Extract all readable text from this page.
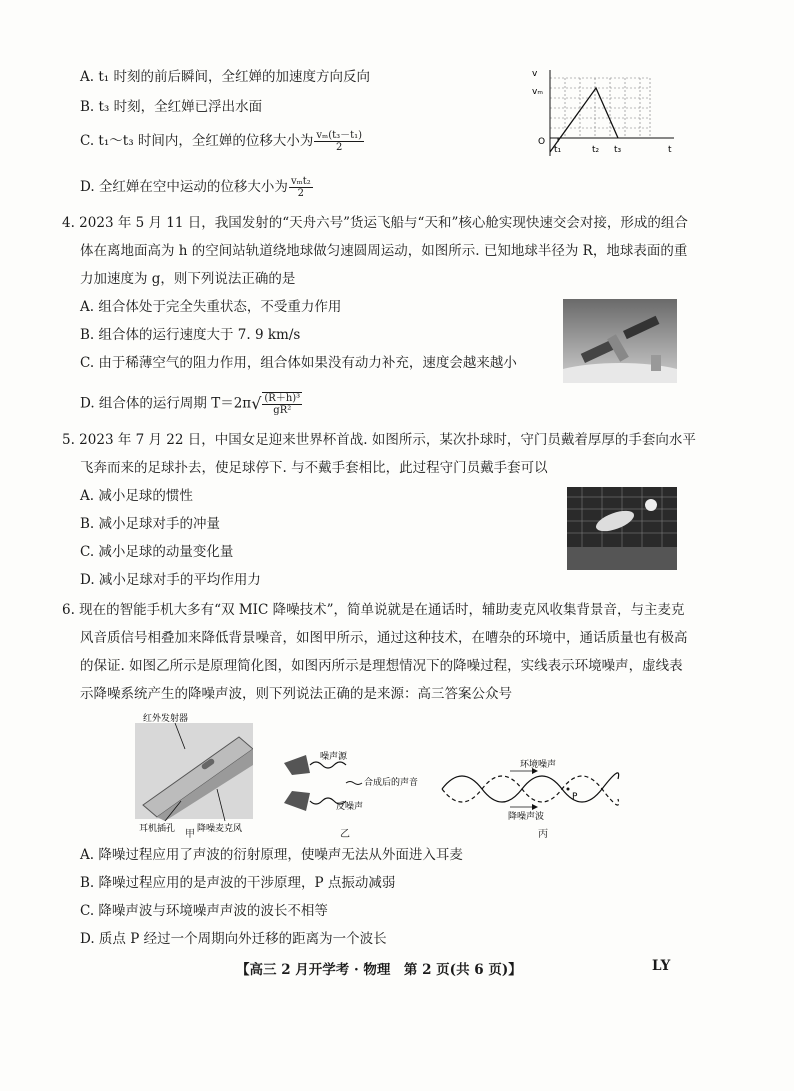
A. t₁ 时刻的前后瞬间，全红婵的加速度方向反向
B. t₃ 时刻，全红婵已浮出水面
C. t₁～t₃ 时间内，全红婵的位移大小为 $\frac{\text{vₘ(t₃－t₁)}}{2}$
D. 全红婵在空中运动的位移大小为 $\frac{\text{vₘt₂}}{2}$
v
vₘ
O
t₁	t₂ t₃	t
4. 2023 年 5 月 11 日，我国发射的“天舟六号”货运飞船与“天和”核心舱实现快速交会对接，形成的组合
体在离地面高为 h 的空间站轨道绕地球做匀速圆周运动，如图所示. 已知地球半径为 R，地球表面的重
力加速度为 g，则下列说法正确的是
A. 组合体处于完全失重状态，不受重力作用
B. 组合体的运行速度大于 7. 9 km/s
C. 由于稀薄空气的阻力作用，组合体如果没有动力补充，速度会越来越小
D. 组合体的运行周期 $T=2\pi√ \frac{\text{(R＋h)³}}{\text{gR²}}$
5. 2023 年 7 月 22 日，中国女足迎来世界杯首战. 如图所示，某次扑球时，守门员戴着厚厚的手套向水平
飞奔而来的足球扑去，使足球停下. 与不戴手套相比，此过程守门员戴手套可以
A. 减小足球的惯性
B. 减小足球对手的冲量
C. 减小足球的动量变化量
D. 减小足球对手的平均作用力
6. 现在的智能手机大多有“双 MIC 降噪技术”，简单说就是在通话时，辅助麦克风收集背景音，与主麦克
风音质信号相叠加来降低背景噪音，如图甲所示，通过这种技术，在嘈杂的环境中，通话质量也有极高
的保证. 如图乙所示是原理简化图，如图丙所示是理想情况下的降噪过程，实线表示环境噪声，虚线表
示降噪系统产生的降噪声波，则下列说法正确的是来源：高三答案公众号
红外发射器
耳机插孔 降噪麦克风
甲
噪声源
合成后的声音
反噪声
乙
环境噪声
降噪声波
P
丙
A. 降噪过程应用了声波的衍射原理，使噪声无法从外面进入耳麦
B. 降噪过程应用的是声波的干涉原理，P 点振动减弱
C. 降噪声波与环境噪声声波的波长不相等
D. 质点 P 经过一个周期向外迁移的距离为一个波长
【高三 2 月开学考 · 物理　第 2 页(共 6 页)】	LY
